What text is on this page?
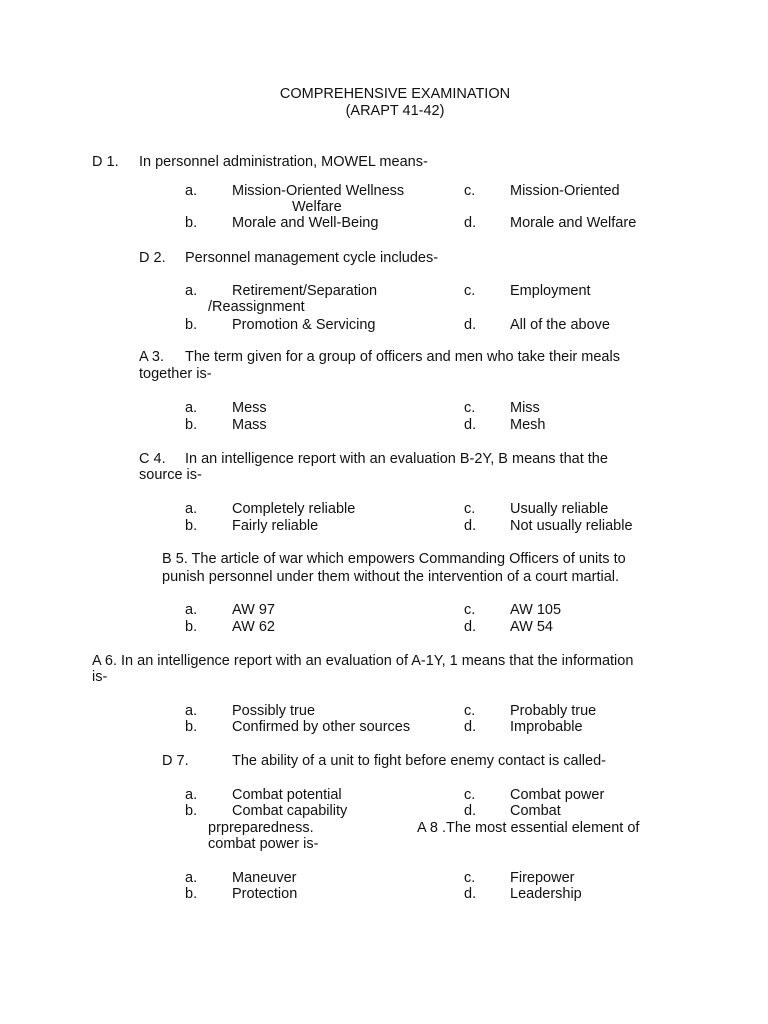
COMPREHENSIVE EXAMINATION
(ARAPT 41-42)
D 1. In personnel administration, MOWEL means-
a. Mission-Oriented Wellness	c. Mission-Oriented
Welfare
b. Morale and Well-Being	d. Morale and Welfare
D 2. Personnel management cycle includes-
a. Retirement/Separation	c. Employment
/Reassignment
b. Promotion & Servicing	d. All of the above
A 3. The term given for a group of officers and men who take their meals
together is-
a. Mess	c. Miss
b. Mass	d. Mesh
C 4. In an intelligence report with an evaluation B-2Y, B means that the
source is-
a. Completely reliable	c. Usually reliable
b. Fairly reliable	d. Not usually reliable
B 5. The article of war which empowers Commanding Officers of units to
punish personnel under them without the intervention of a court martial.
a. AW 97	c. AW 105
b. AW 62	d. AW 54
A 6. In an intelligence report with an evaluation of A-1Y, 1 means that the information
is-
a. Possibly true	c. Probably true
b. Confirmed by other sources	d. Improbable
D 7.	The ability of a unit to fight before enemy contact is called-
a. Combat potential	c. Combat power
b. Combat capability	d. Combat
prpreparedness.	A 8 .The most essential element of
combat power is-
a. Maneuver	c. Firepower
b. Protection	d. Leadership
